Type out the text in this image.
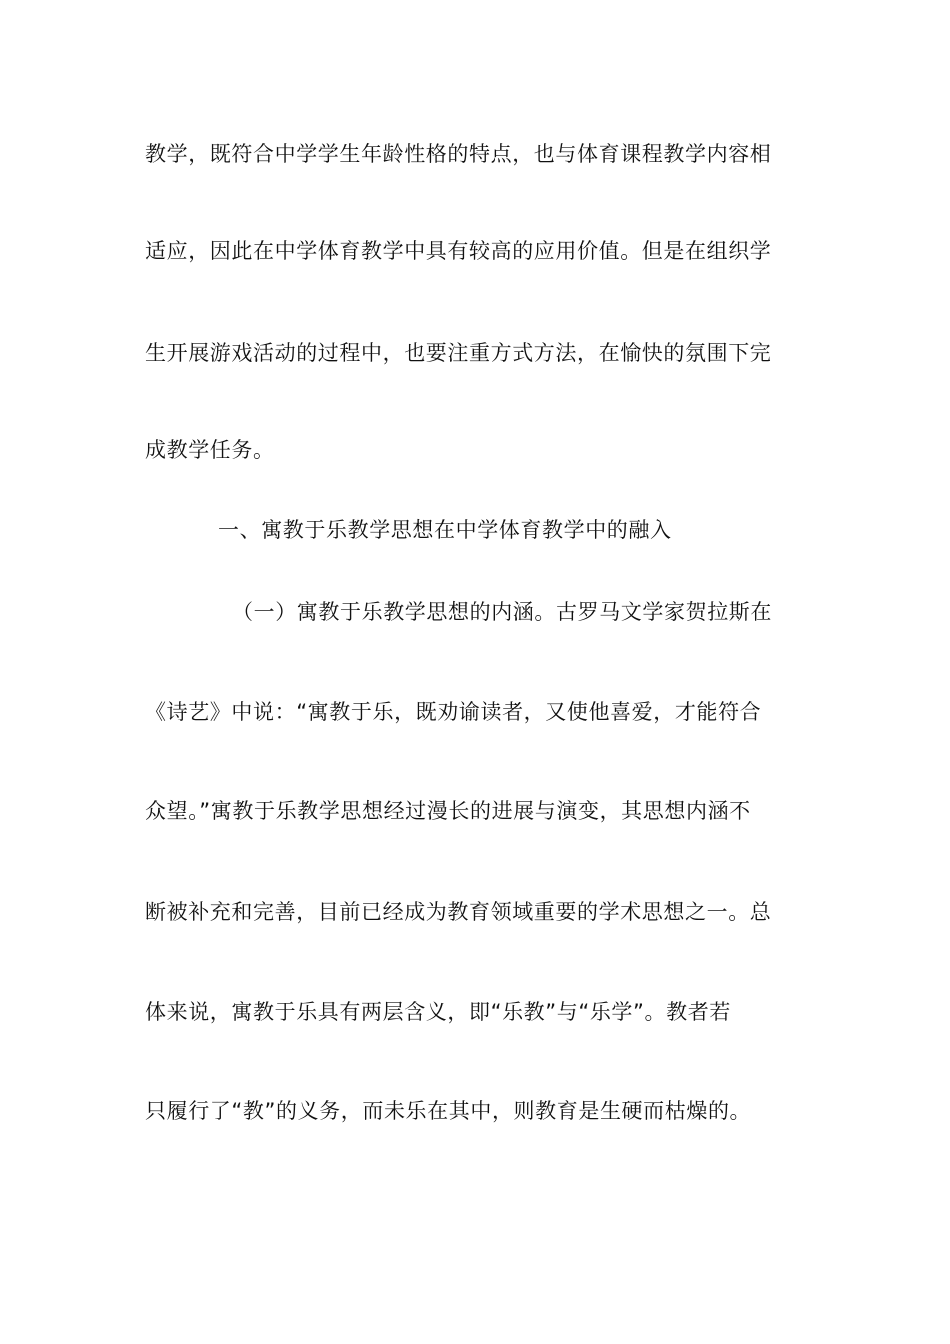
教学，既符合中学学生年龄性格的特点，也与体育课程教学内容相
适应，因此在中学体育教学中具有较高的应用价值。但是在组织学
生开展游戏活动的过程中，也要注重方式方法，在愉快的氛围下完
成教学任务。
一、寓教于乐教学思想在中学体育教学中的融入
（一）寓教于乐教学思想的内涵。古罗马文学家贺拉斯在
《诗艺》中说：“寓教于乐，既劝谕读者，又使他喜爱，才能符合
众望。”寓教于乐教学思想经过漫长的进展与演变，其思想内涵不
断被补充和完善，目前已经成为教育领域重要的学术思想之一。总
体来说，寓教于乐具有两层含义，即“乐教”与“乐学”。教者若
只履行了“教”的义务，而未乐在其中，则教育是生硬而枯燥的。
